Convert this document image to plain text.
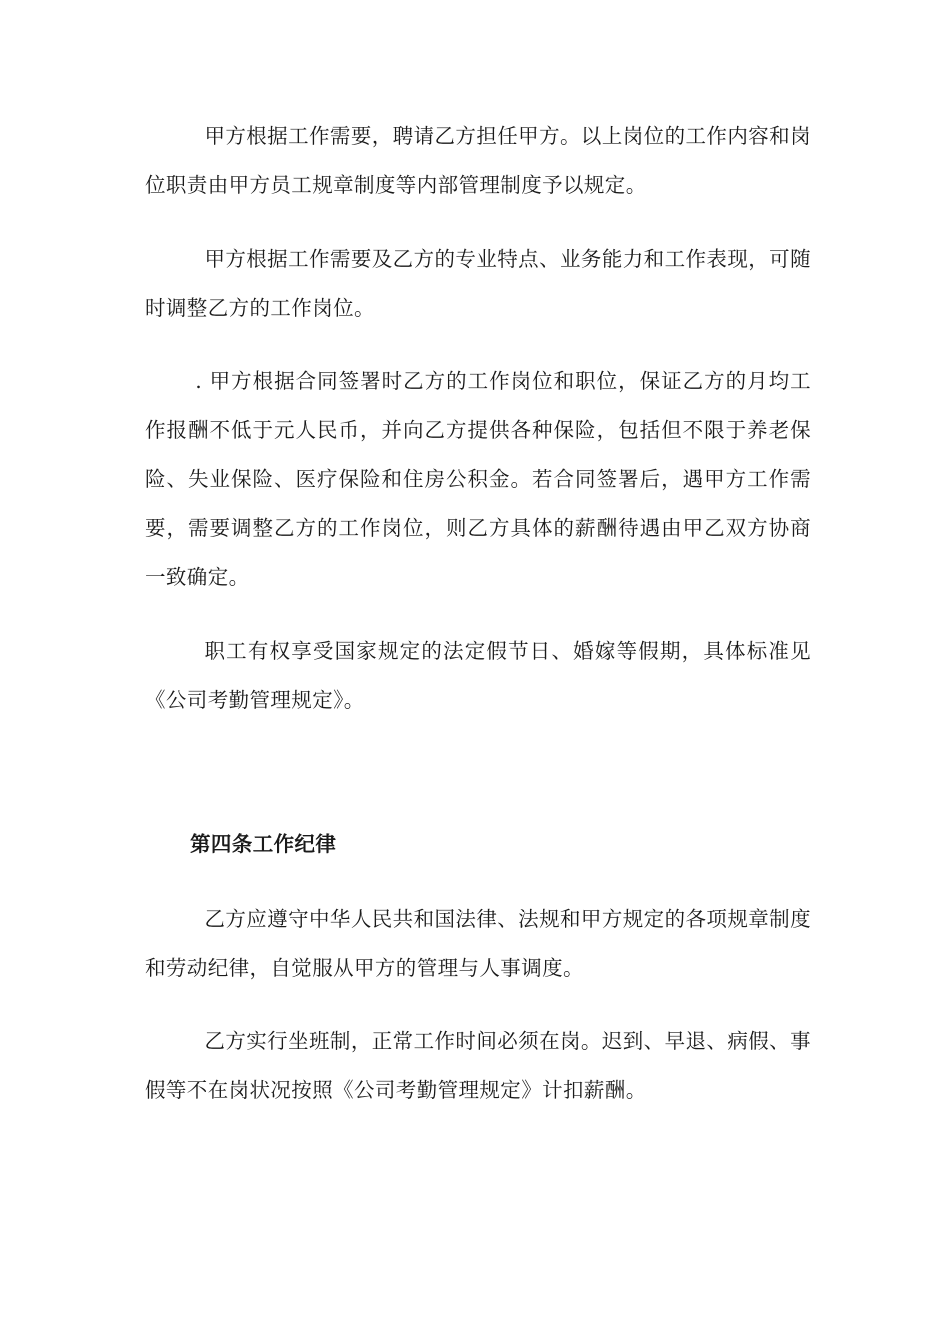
甲方根据工作需要，聘请乙方担任甲方。以上岗位的工作内容和岗位职责由甲方员工规章制度等内部管理制度予以规定。

甲方根据工作需要及乙方的专业特点、业务能力和工作表现，可随时调整乙方的工作岗位。

. 甲方根据合同签署时乙方的工作岗位和职位，保证乙方的月均工作报酬不低于元人民币，并向乙方提供各种保险，包括但不限于养老保险、失业保险、医疗保险和住房公积金。若合同签署后，遇甲方工作需要，需要调整乙方的工作岗位，则乙方具体的薪酬待遇由甲乙双方协商一致确定。

职工有权享受国家规定的法定假节日、婚嫁等假期，具体标准见《公司考勤管理规定》。

第四条工作纪律

乙方应遵守中华人民共和国法律、法规和甲方规定的各项规章制度和劳动纪律，自觉服从甲方的管理与人事调度。

乙方实行坐班制，正常工作时间必须在岗。迟到、早退、病假、事假等不在岗状况按照《公司考勤管理规定》计扣薪酬。
